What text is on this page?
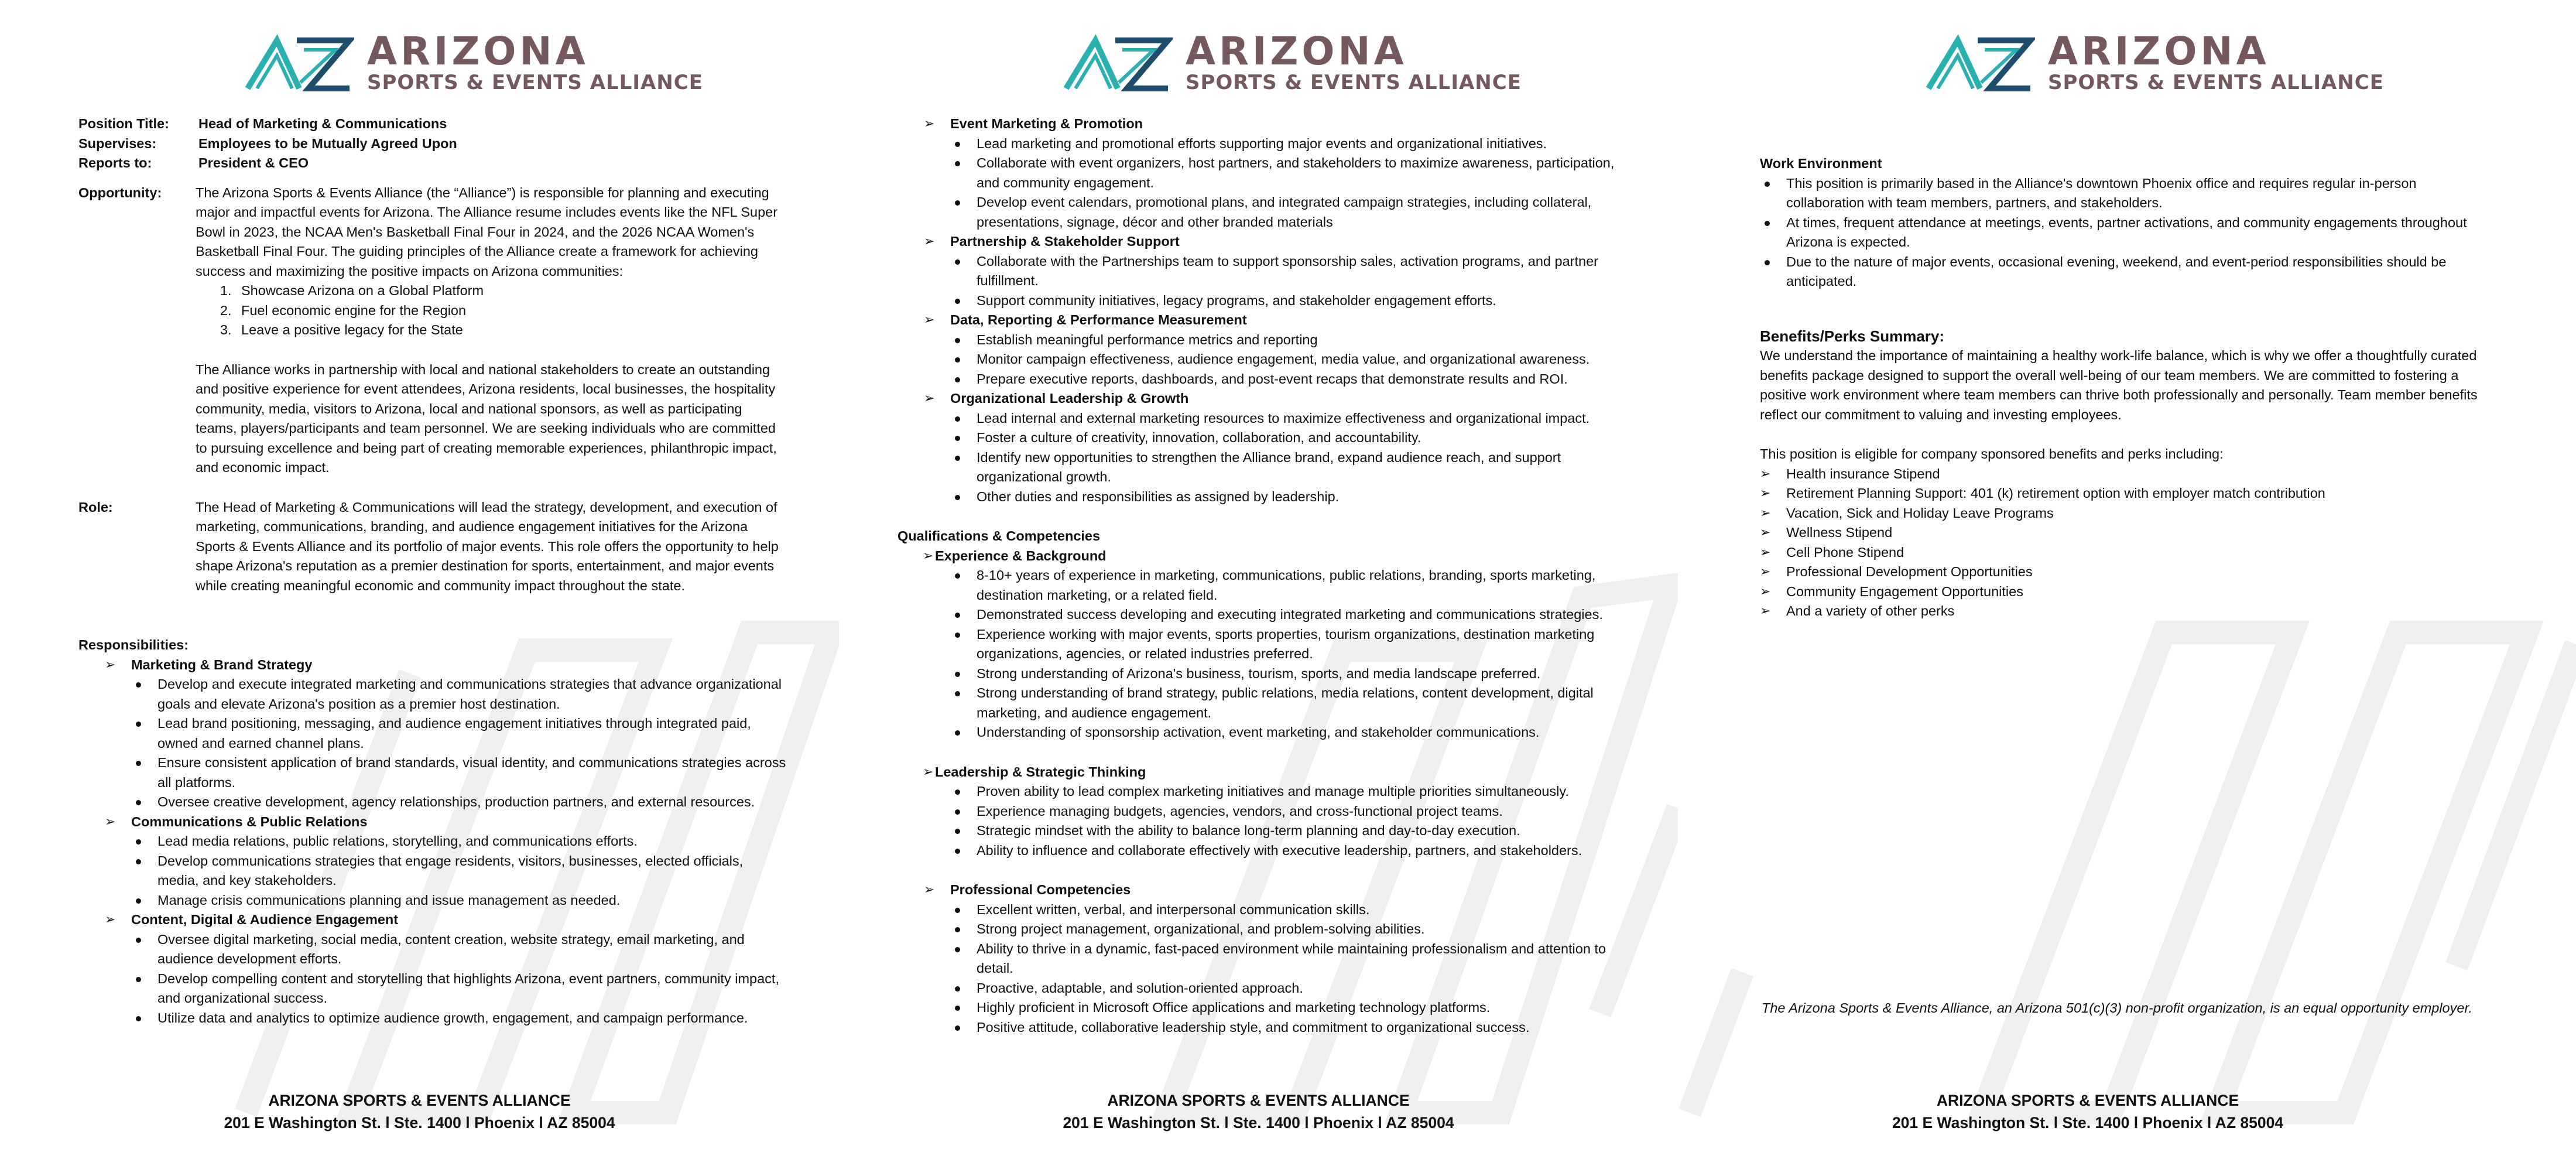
ARIZONA
SPORTS & EVENTS ALLIANCE
Position Title:	Head of Marketing & Communications
Supervises:	Employees to be Mutually Agreed Upon
Reports to:	President & CEO
Opportunity:	The Arizona Sports & Events Alliance (the “Alliance”) is responsible for planning and executing major and impactful events for Arizona. The Alliance resume includes events like the NFL Super Bowl in 2023, the NCAA Men's Basketball Final Four in 2024, and the 2026 NCAA Women's Basketball Final Four. The guiding principles of the Alliance create a framework for achieving success and maximizing the positive impacts on Arizona communities:
1. Showcase Arizona on a Global Platform
2. Fuel economic engine for the Region
3. Leave a positive legacy for the State
The Alliance works in partnership with local and national stakeholders to create an outstanding and positive experience for event attendees, Arizona residents, local businesses, the hospitality community, media, visitors to Arizona, local and national sponsors, as well as participating teams, players/participants and team personnel. We are seeking individuals who are committed to pursuing excellence and being part of creating memorable experiences, philanthropic impact, and economic impact.
Role:	The Head of Marketing & Communications will lead the strategy, development, and execution of marketing, communications, branding, and audience engagement initiatives for the Arizona Sports & Events Alliance and its portfolio of major events. This role offers the opportunity to help shape Arizona's reputation as a premier destination for sports, entertainment, and major events while creating meaningful economic and community impact throughout the state.
Responsibilities:
➢ Marketing & Brand Strategy
Develop and execute integrated marketing and communications strategies that advance organizational goals and elevate Arizona's position as a premier host destination.
Lead brand positioning, messaging, and audience engagement initiatives through integrated paid, owned and earned channel plans.
Ensure consistent application of brand standards, visual identity, and communications strategies across all platforms.
Oversee creative development, agency relationships, production partners, and external resources.
➢ Communications & Public Relations
Lead media relations, public relations, storytelling, and communications efforts.
Develop communications strategies that engage residents, visitors, businesses, elected officials, media, and key stakeholders.
Manage crisis communications planning and issue management as needed.
➢ Content, Digital & Audience Engagement
Oversee digital marketing, social media, content creation, website strategy, email marketing, and audience development efforts.
Develop compelling content and storytelling that highlights Arizona, event partners, community impact, and organizational success.
Utilize data and analytics to optimize audience growth, engagement, and campaign performance.
ARIZONA SPORTS & EVENTS ALLIANCE
201 E Washington St. l Ste. 1400 l Phoenix l AZ 85004
ARIZONA
SPORTS & EVENTS ALLIANCE
➢ Event Marketing & Promotion
Lead marketing and promotional efforts supporting major events and organizational initiatives.
Collaborate with event organizers, host partners, and stakeholders to maximize awareness, participation, and community engagement.
Develop event calendars, promotional plans, and integrated campaign strategies, including collateral, presentations, signage, décor and other branded materials
➢ Partnership & Stakeholder Support
Collaborate with the Partnerships team to support sponsorship sales, activation programs, and partner fulfillment.
Support community initiatives, legacy programs, and stakeholder engagement efforts.
➢ Data, Reporting & Performance Measurement
Establish meaningful performance metrics and reporting
Monitor campaign effectiveness, audience engagement, media value, and organizational awareness.
Prepare executive reports, dashboards, and post-event recaps that demonstrate results and ROI.
➢ Organizational Leadership & Growth
Lead internal and external marketing resources to maximize effectiveness and organizational impact.
Foster a culture of creativity, innovation, collaboration, and accountability.
Identify new opportunities to strengthen the Alliance brand, expand audience reach, and support organizational growth.
Other duties and responsibilities as assigned by leadership.
Qualifications & Competencies
➢ Experience & Background
8-10+ years of experience in marketing, communications, public relations, branding, sports marketing, destination marketing, or a related field.
Demonstrated success developing and executing integrated marketing and communications strategies.
Experience working with major events, sports properties, tourism organizations, destination marketing organizations, agencies, or related industries preferred.
Strong understanding of Arizona's business, tourism, sports, and media landscape preferred.
Strong understanding of brand strategy, public relations, media relations, content development, digital marketing, and audience engagement.
Understanding of sponsorship activation, event marketing, and stakeholder communications.
➢ Leadership & Strategic Thinking
Proven ability to lead complex marketing initiatives and manage multiple priorities simultaneously.
Experience managing budgets, agencies, vendors, and cross-functional project teams.
Strategic mindset with the ability to balance long-term planning and day-to-day execution.
Ability to influence and collaborate effectively with executive leadership, partners, and stakeholders.
➢ Professional Competencies
Excellent written, verbal, and interpersonal communication skills.
Strong project management, organizational, and problem-solving abilities.
Ability to thrive in a dynamic, fast-paced environment while maintaining professionalism and attention to detail.
Proactive, adaptable, and solution-oriented approach.
Highly proficient in Microsoft Office applications and marketing technology platforms.
Positive attitude, collaborative leadership style, and commitment to organizational success.
ARIZONA SPORTS & EVENTS ALLIANCE
201 E Washington St. l Ste. 1400 l Phoenix l AZ 85004
ARIZONA
SPORTS & EVENTS ALLIANCE
Work Environment
This position is primarily based in the Alliance's downtown Phoenix office and requires regular in-person collaboration with team members, partners, and stakeholders.
At times, frequent attendance at meetings, events, partner activations, and community engagements throughout Arizona is expected.
Due to the nature of major events, occasional evening, weekend, and event-period responsibilities should be anticipated.
Benefits/Perks Summary:
We understand the importance of maintaining a healthy work-life balance, which is why we offer a thoughtfully curated benefits package designed to support the overall well-being of our team members. We are committed to fostering a positive work environment where team members can thrive both professionally and personally. Team member benefits reflect our commitment to valuing and investing employees.
This position is eligible for company sponsored benefits and perks including:
➢ Health insurance Stipend
➢ Retirement Planning Support: 401 (k) retirement option with employer match contribution
➢ Vacation, Sick and Holiday Leave Programs
➢ Wellness Stipend
➢ Cell Phone Stipend
➢ Professional Development Opportunities
➢ Community Engagement Opportunities
➢ And a variety of other perks
The Arizona Sports & Events Alliance, an Arizona 501(c)(3) non-profit organization, is an equal opportunity employer.
ARIZONA SPORTS & EVENTS ALLIANCE
201 E Washington St. l Ste. 1400 l Phoenix l AZ 85004
